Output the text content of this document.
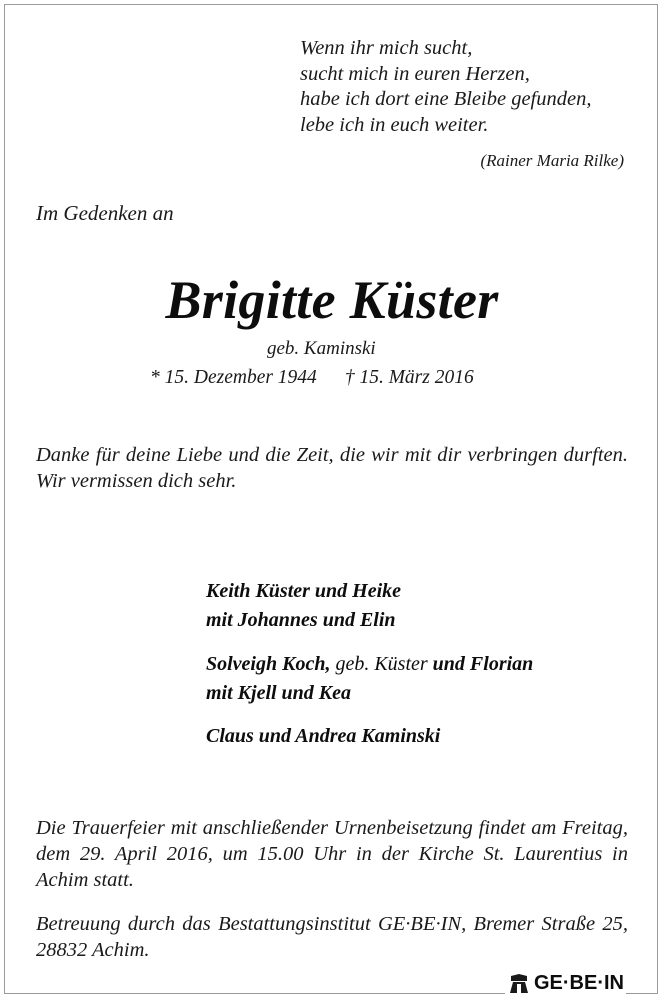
Wenn ihr mich sucht,
sucht mich in euren Herzen,
habe ich dort eine Bleibe gefunden,
lebe ich in euch weiter.
(Rainer Maria Rilke)
Im Gedenken an
Brigitte Küster
geb. Kaminski
* 15. Dezember 1944 † 15. März 2016
Danke für deine Liebe und die Zeit, die wir mit dir verbringen durften. Wir vermissen dich sehr.
Keith Küster und Heike
mit Johannes und Elin
Solveigh Koch, geb. Küster und Florian
mit Kjell und Kea
Claus und Andrea Kaminski
Die Trauerfeier mit anschließender Urnenbeisetzung findet am Freitag, dem 29. April 2016, um 15.00 Uhr in der Kirche St. Laurentius in Achim statt.
Betreuung durch das Bestattungsinstitut GE·BE·IN, Bremer Straße 25, 28832 Achim.
GE·BE·IN
